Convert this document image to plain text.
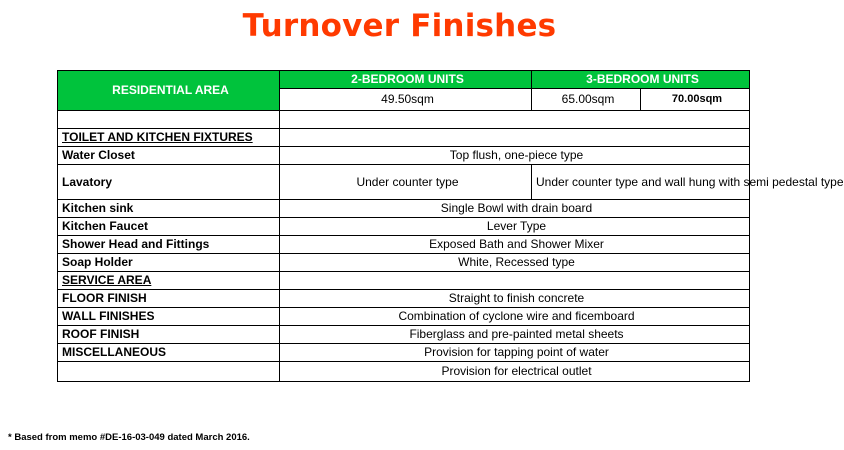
Turnover Finishes
RESIDENTIAL AREA	2-BEDROOM UNITS	3-BEDROOM UNITS	
	49.50sqm	65.00sqm	70.00sqm

TOILET AND KITCHEN FIXTURES			
Water Closet	Top flush, one-piece type		
Lavatory	Under counter type	Under counter type and wall hung with semi pedestal type	
Kitchen sink	Single Bowl with drain board		
Kitchen Faucet	Lever Type		
Shower Head and Fittings	Exposed Bath and Shower Mixer		
Soap Holder	White, Recessed type		
SERVICE AREA			
FLOOR FINISH	Straight to finish concrete		
WALL FINISHES	Combination of cyclone wire and ficemboard		
ROOF FINISH	Fiberglass and pre-painted metal sheets		
MISCELLANEOUS	Provision for tapping point of water		
	Provision for electrical outlet		
* Based from memo #DE-16-03-049 dated March 2016.
